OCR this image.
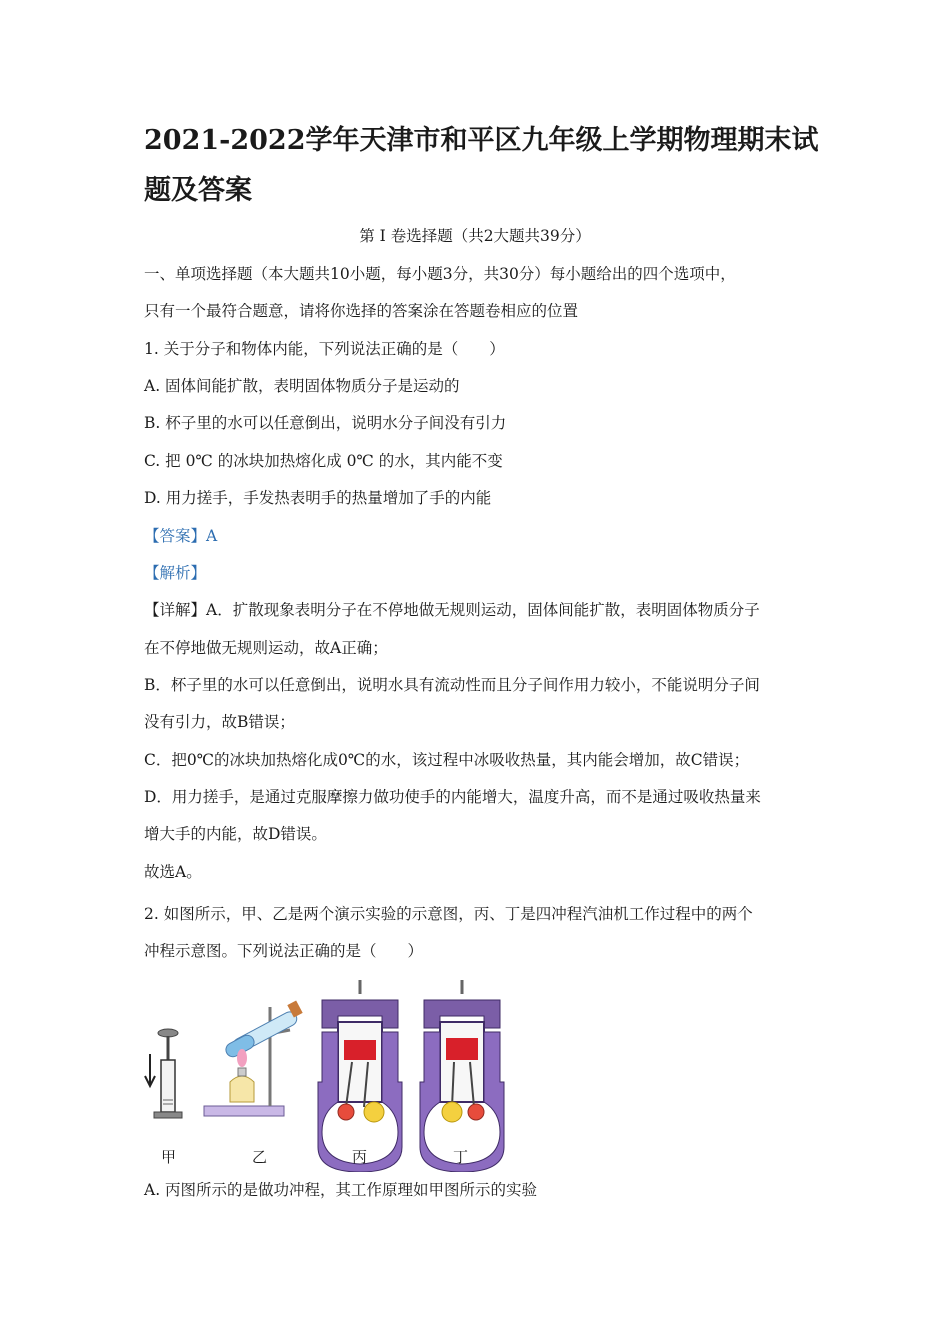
2021-2022学年天津市和平区九年级上学期物理期末试题及答案
第 Ⅰ 卷选择题（共2大题共39分）
一、单项选择题（本大题共10小题，每小题3分，共30分）每小题给出的四个选项中，
只有一个最符合题意，请将你选择的答案涂在答题卷相应的位置
1. 关于分子和物体内能，下列说法正确的是（　　）
A. 固体间能扩散，表明固体物质分子是运动的
B. 杯子里的水可以任意倒出，说明水分子间没有引力
C. 把 0℃ 的冰块加热熔化成 0℃ 的水，其内能不变
D. 用力搓手，手发热表明手的热量增加了手的内能
【答案】A
【解析】
【详解】A．扩散现象表明分子在不停地做无规则运动，固体间能扩散，表明固体物质分子
在不停地做无规则运动，故A正确；
B．杯子里的水可以任意倒出，说明水具有流动性而且分子间作用力较小，不能说明分子间
没有引力，故B错误；
C．把0℃的冰块加热熔化成0℃的水，该过程中冰吸收热量，其内能会增加，故C错误；
D．用力搓手，是通过克服摩擦力做功使手的内能增大，温度升高，而不是通过吸收热量来
增大手的内能，故D错误。
故选A。
2. 如图所示，甲、乙是两个演示实验的示意图，丙、丁是四冲程汽油机工作过程中的两个
冲程示意图。下列说法正确的是（　　）
甲	乙	丙	丁
A. 丙图所示的是做功冲程，其工作原理如甲图所示的实验
